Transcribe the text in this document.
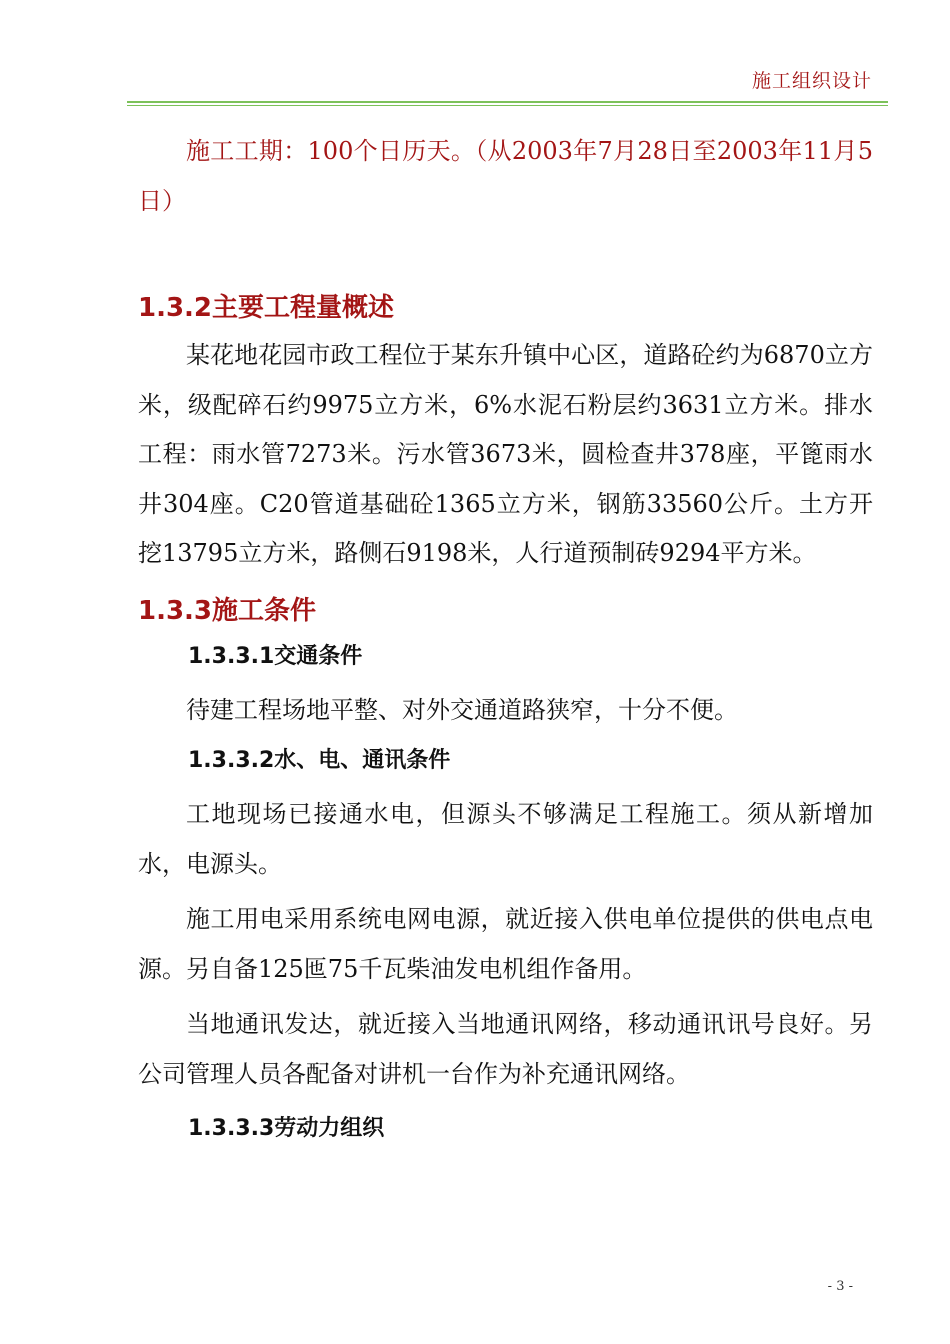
施工组织设计

施工工期：100个日历天。（从2003年7月28日至2003年11月5日）

1.3.2主要工程量概述

某花地花园市政工程位于某东升镇中心区，道路砼约为6870立方米，级配碎石约9975立方米，6%水泥石粉层约3631立方米。排水工程：雨水管7273米。污水管3673米，圆检查井378座，平篦雨水井304座。C20管道基础砼1365立方米，钢筋33560公斤。土方开挖13795立方米，路侧石9198米，人行道预制砖9294平方米。

1.3.3施工条件
1.3.3.1交通条件

待建工程场地平整、对外交通道路狭窄，十分不便。

1.3.3.2水、电、通讯条件

工地现场已接通水电，但源头不够满足工程施工。须从新增加水，电源头。

施工用电采用系统电网电源，就近接入供电单位提供的供电点电源。另自备125匜75千瓦柴油发电机组作备用。

当地通讯发达，就近接入当地通讯网络，移动通讯讯号良好。另公司管理人员各配备对讲机一台作为补充通讯网络。

1.3.3.3劳动力组织
- 3 -
